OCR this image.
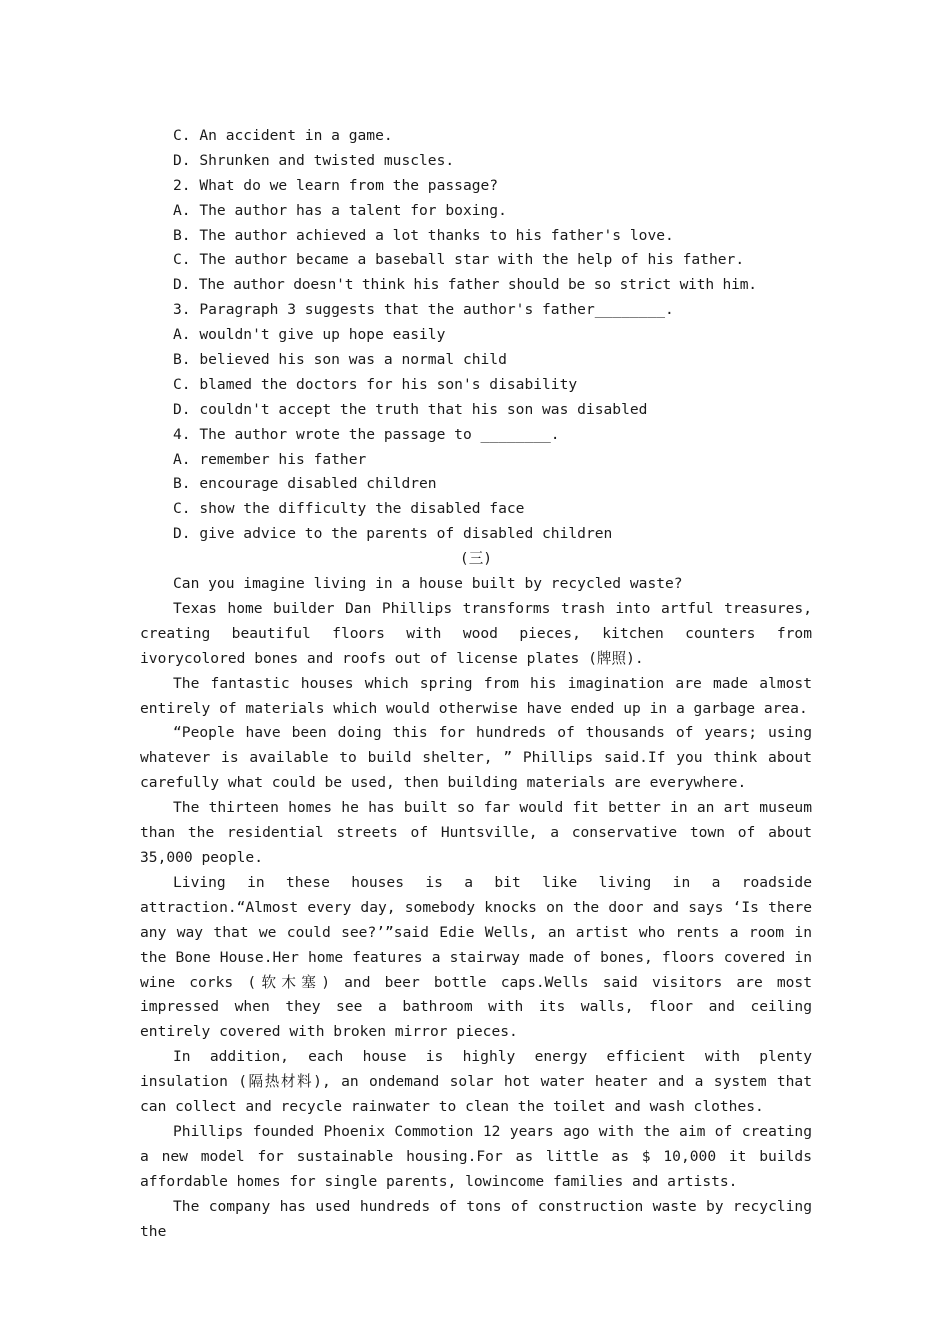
C. An accident in a game.

D. Shrunken and twisted muscles.

2. What do we learn from the passage?

A. The author has a talent for boxing.

B. The author achieved a lot thanks to his father's love.

C. The author became a baseball star with the help of his father.

D. The author doesn't think his father should be so strict with him.

3. Paragraph 3 suggests that the author's father________.

A. wouldn't give up hope easily

B. believed his son was a normal child

C. blamed the doctors for his son's disability

D. couldn't accept the truth that his son was disabled

4. The author wrote the passage to ________.

A. remember his father

B. encourage disabled children

C. show the difficulty the disabled face

D. give advice to the parents of disabled children

(三)

Can you imagine living in a house built by recycled waste?

Texas home builder Dan Phillips transforms trash into artful treasures, creating beautiful floors with wood pieces, kitchen counters from ivorycolored bones and roofs out of license plates (牌照).

The fantastic houses which spring from his imagination are made almost entirely of materials which would otherwise have ended up in a garbage area.

“People have been doing this for hundreds of thousands of years; using whatever is available to build shelter, ” Phillips said.If you think about carefully what could be used, then building materials are everywhere.

The thirteen homes he has built so far would fit better in an art museum than the residential streets of Huntsville, a conservative town of about 35,000 people.

Living in these houses is a bit like living in a roadside attraction.“Almost every day, somebody knocks on the door and says ‘Is there any way that we could see?’”said Edie Wells, an artist who rents a room in the Bone House.Her home features a stairway made of bones, floors covered in wine corks (软木塞) and beer bottle caps.Wells said visitors are most impressed when they see a bathroom with its walls, floor and ceiling entirely covered with broken mirror pieces.

In addition, each house is highly energy efficient with plenty insulation (隔热材料), an ondemand solar hot water heater and a system that can collect and recycle rainwater to clean the toilet and wash clothes.

Phillips founded Phoenix Commotion 12 years ago with the aim of creating a new model for sustainable housing.For as little as $ 10,000 it builds affordable homes for single parents, lowincome families and artists.

The company has used hundreds of tons of construction waste by recycling the
